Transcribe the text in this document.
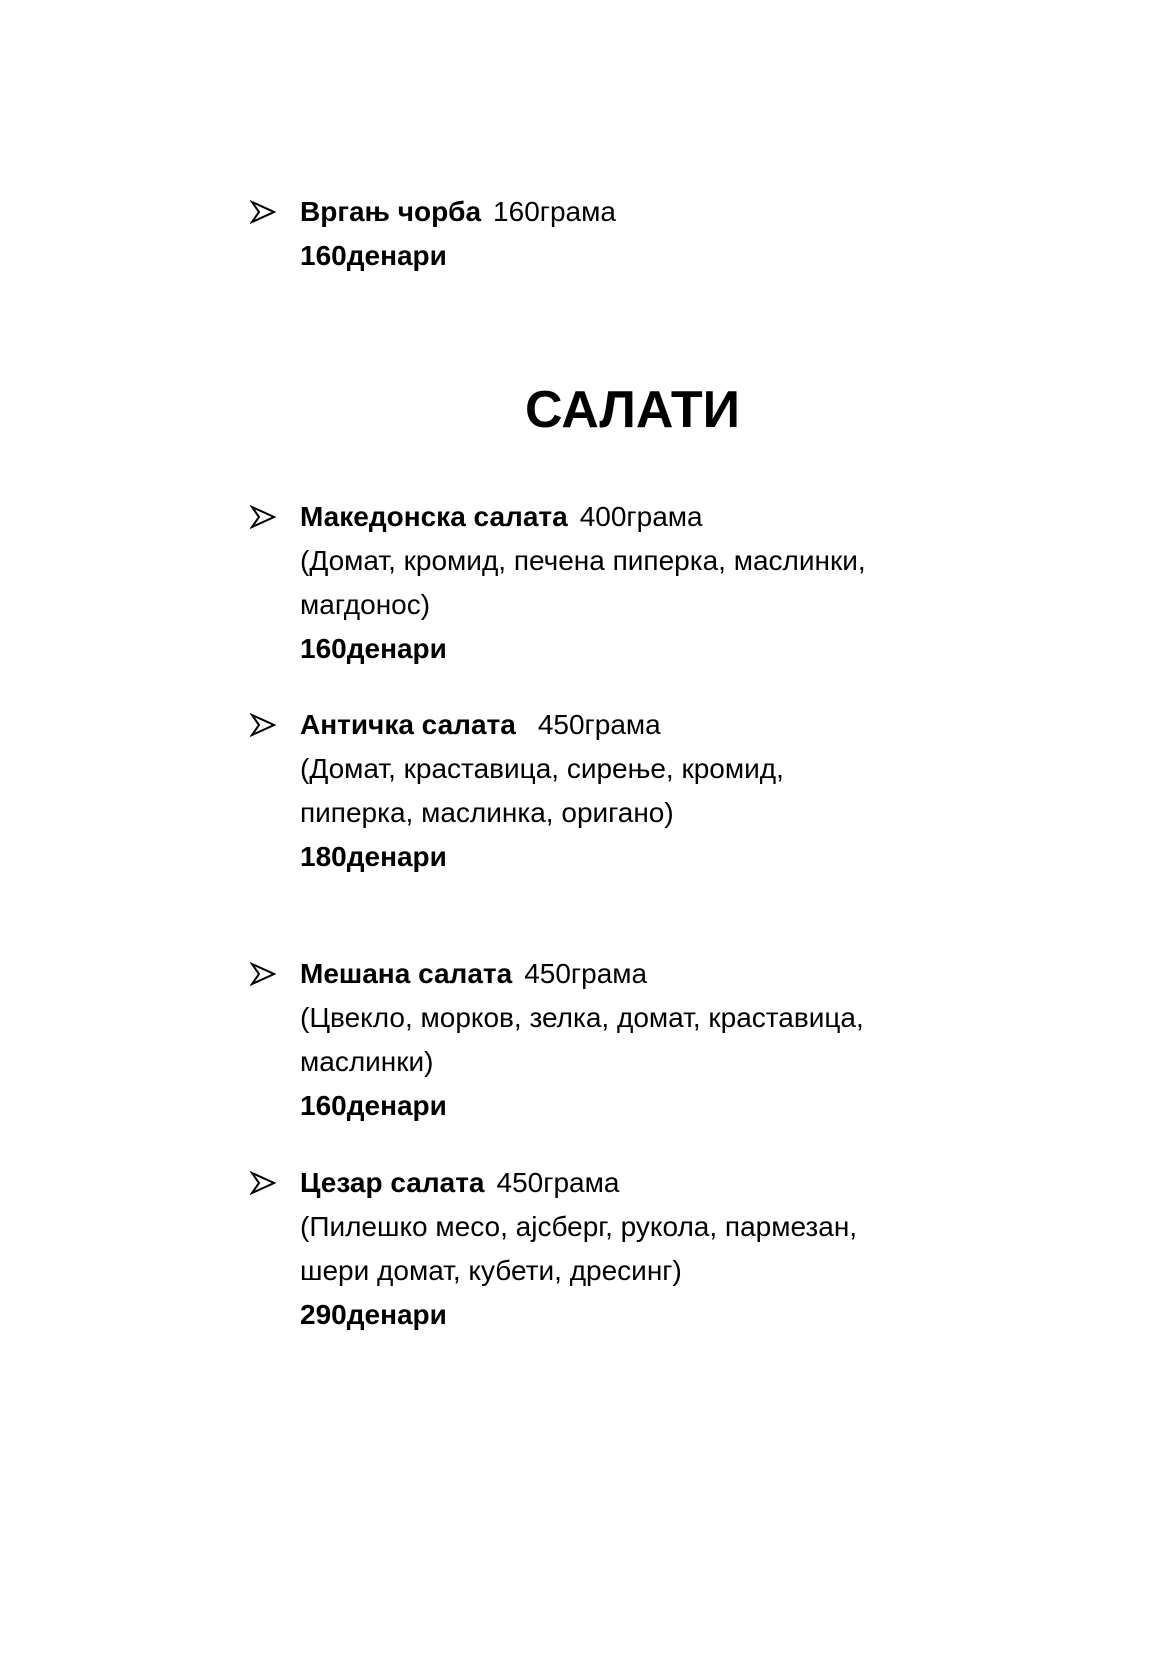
Вргањ чорба 160грама
160денари
САЛАТИ
Македонска салата 400грама
(Домат, кромид, печена пиперка, маслинки,
магдонос)
160денари
Античка салата 450грама
(Домат, краставица, сирење, кромид,
пиперка, маслинка, оригано)
180денари
Мешана салата 450грама
(Цвекло, морков, зелка, домат, краставица,
маслинки)
160денари
Цезар салата 450грама
(Пилешко месо, ајсберг, рукола, пармезан,
шери домат, кубети, дресинг)
290денари
